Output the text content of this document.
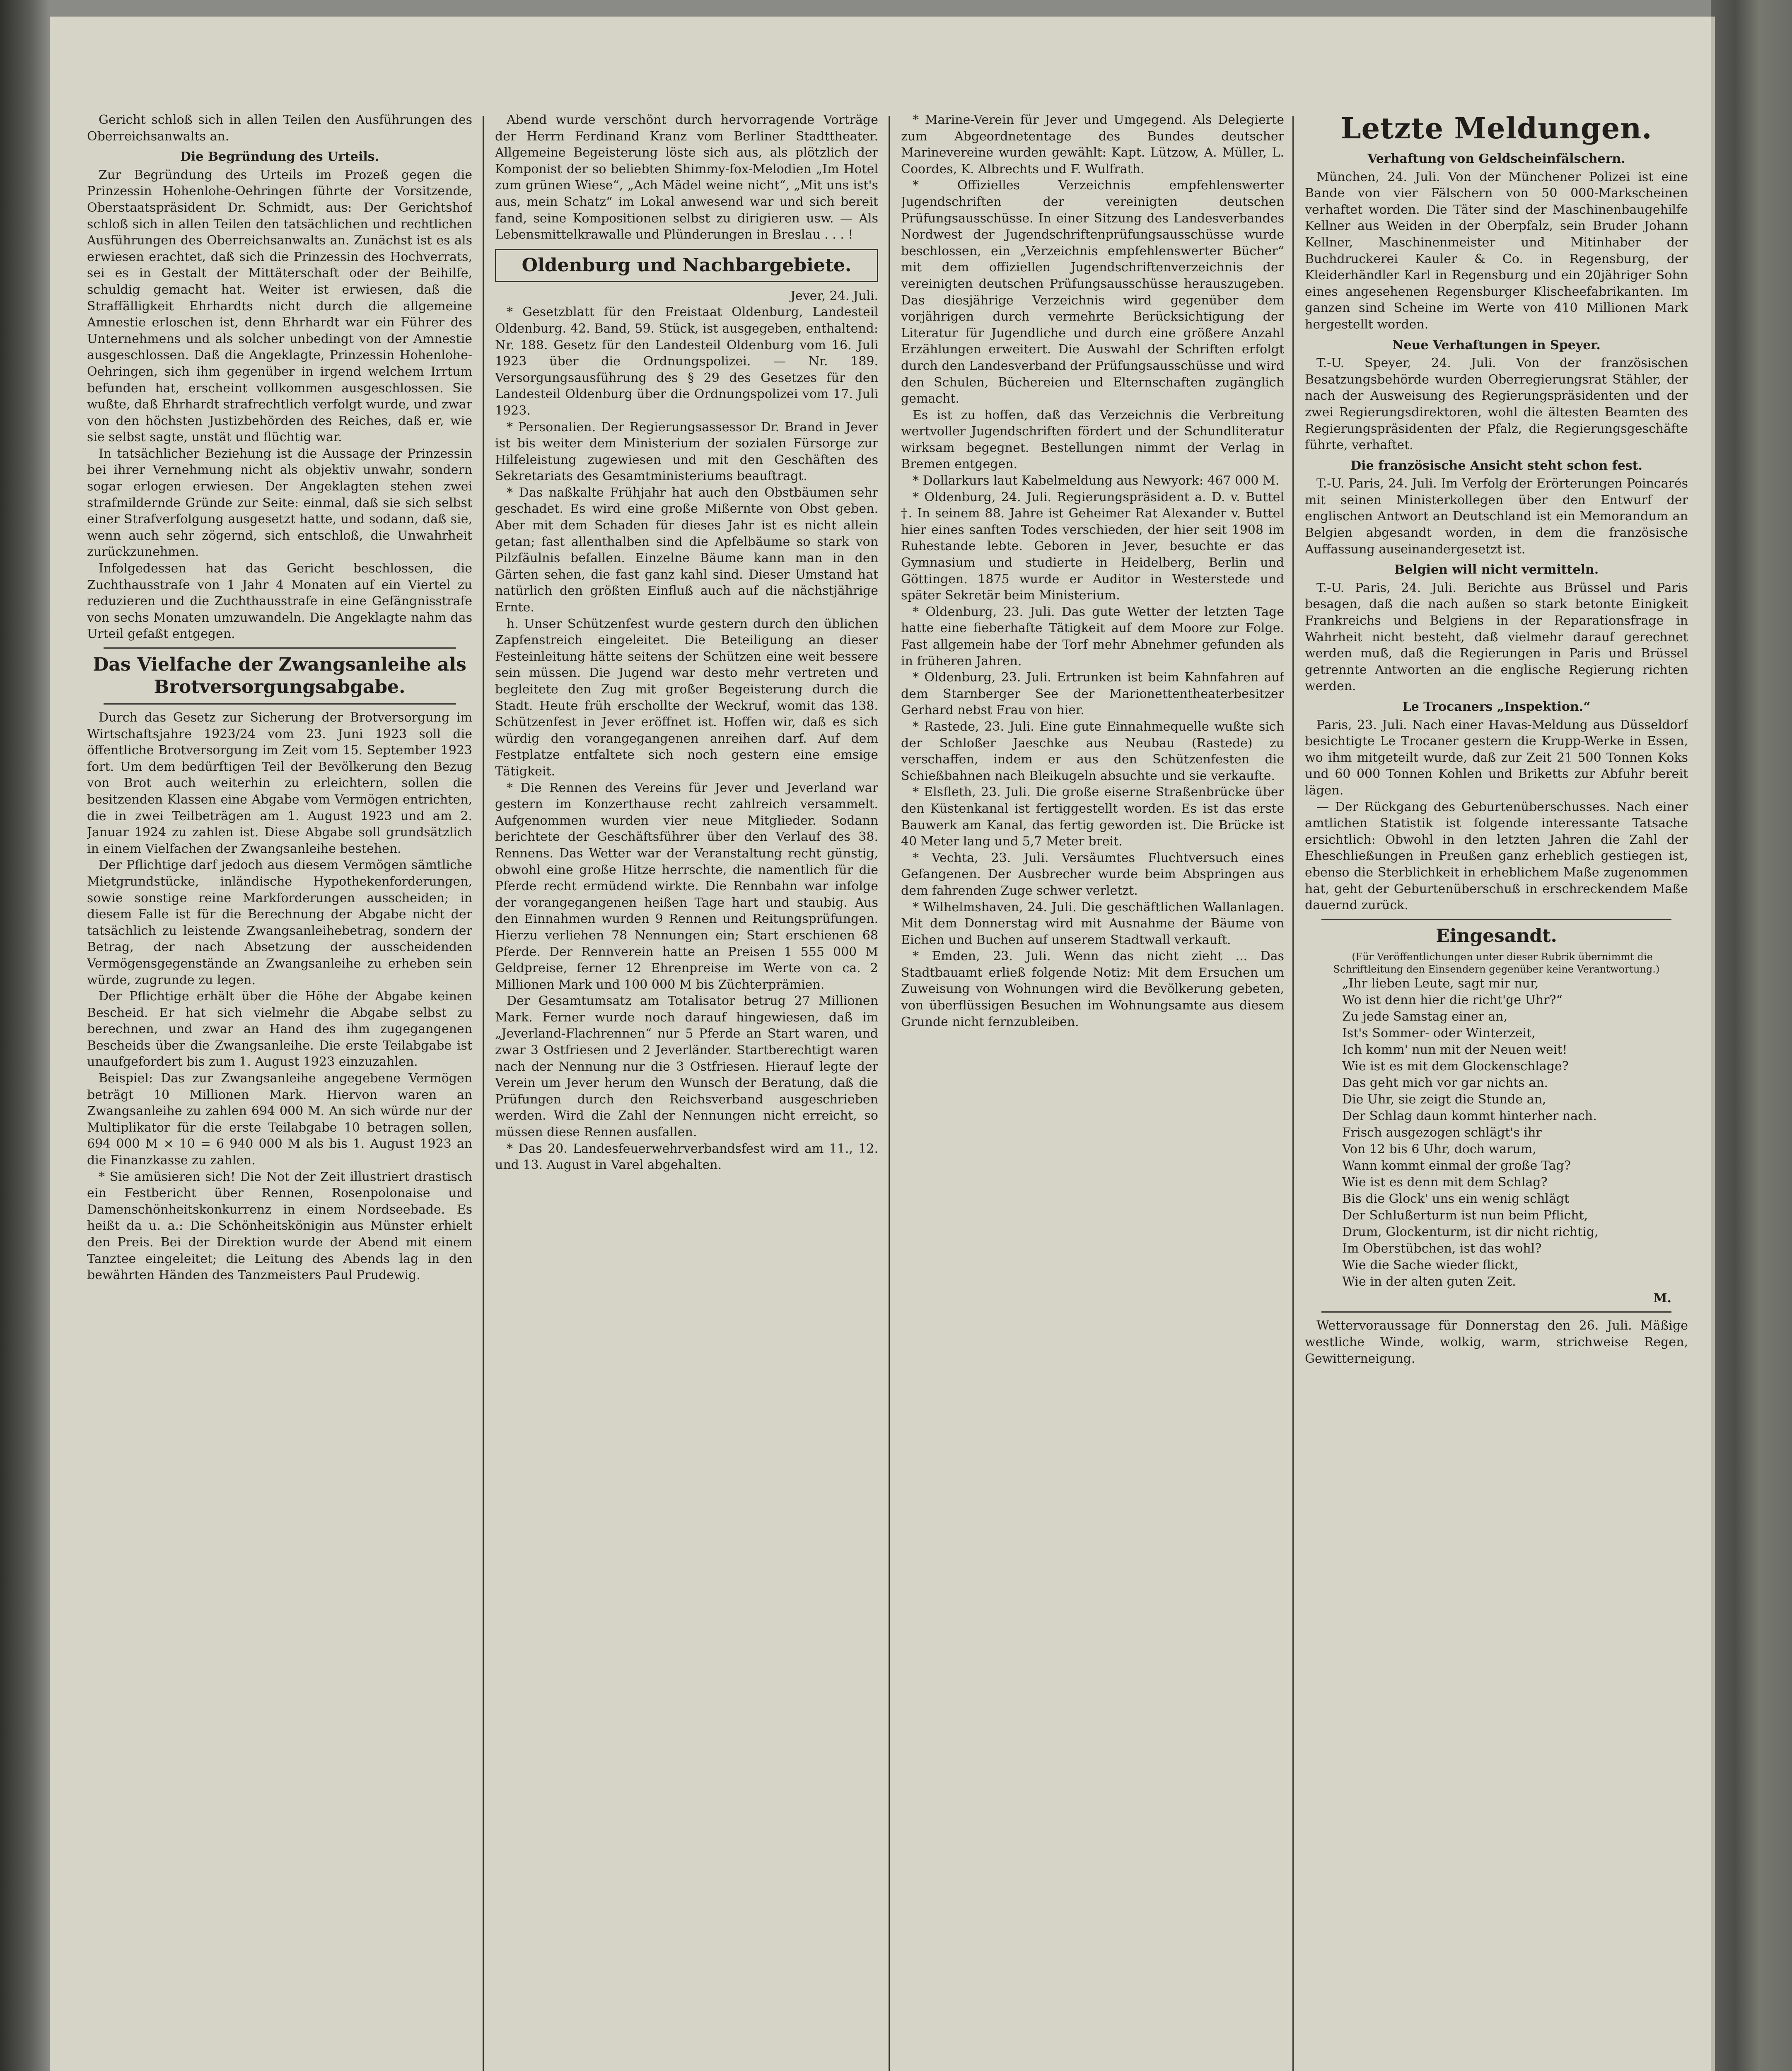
Gericht schloß sich in allen Teilen den Ausführungen des Oberreichsanwalts an.

Die Begründung des Urteils.

Zur Begründung des Urteils im Prozeß gegen die Prinzessin Hohenlohe-Oehringen führte der Vorsitzende, Oberstaatspräsident Dr. Schmidt, aus: Der Gerichtshof schloß sich in allen Teilen den tatsächlichen und rechtlichen Ausführungen des Oberreichsanwalts an. Zunächst ist es als erwiesen erachtet, daß sich die Prinzessin des Hochverrats, sei es in Gestalt der Mittäterschaft oder der Beihilfe, schuldig gemacht hat. Weiter ist erwiesen, daß die Straffälligkeit Ehrhardts nicht durch die allgemeine Amnestie erloschen ist, denn Ehrhardt war ein Führer des Unternehmens und als solcher unbedingt von der Amnestie ausgeschlossen. Daß die Angeklagte, Prinzessin Hohenlohe-Oehringen, sich ihm gegenüber in irgend welchem Irrtum befunden hat, erscheint vollkommen ausgeschlossen. Sie wußte, daß Ehrhardt strafrechtlich verfolgt wurde, und zwar von den höchsten Justizbehörden des Reiches, daß er, wie sie selbst sagte, unstät und flüchtig war.

In tatsächlicher Beziehung ist die Aussage der Prinzessin bei ihrer Vernehmung nicht als objektiv unwahr, sondern sogar erlogen erwiesen. Der Angeklagten stehen zwei strafmildernde Gründe zur Seite: einmal, daß sie sich selbst einer Strafverfolgung ausgesetzt hatte, und sodann, daß sie, wenn auch sehr zögernd, sich entschloß, die Unwahrheit zurückzunehmen.

Infolgedessen hat das Gericht beschlossen, die Zuchthausstrafe von 1 Jahr 4 Monaten auf ein Viertel zu reduzieren und die Zuchthausstrafe in eine Gefängnisstrafe von sechs Monaten umzuwandeln. Die Angeklagte nahm das Urteil gefaßt entgegen.

Das Vielfache der Zwangsanleihe als Brotversorgungsabgabe.

Durch das Gesetz zur Sicherung der Brotversorgung im Wirtschaftsjahre 1923/24 vom 23. Juni 1923 soll die öffentliche Brotversorgung im Zeit vom 15. September 1923 fort. Um dem bedürftigen Teil der Bevölkerung den Bezug von Brot auch weiterhin zu erleichtern, sollen die besitzenden Klassen eine Abgabe vom Vermögen entrichten, die in zwei Teilbeträgen am 1. August 1923 und am 2. Januar 1924 zu zahlen ist. Diese Abgabe soll grundsätzlich in einem Vielfachen der Zwangsanleihe bestehen.

Der Pflichtige darf jedoch aus diesem Vermögen sämtliche Mietgrundstücke, inländische Hypothekenforderungen, sowie sonstige reine Markforderungen ausscheiden; in diesem Falle ist für die Berechnung der Abgabe nicht der tatsächlich zu leistende Zwangsanleihebetrag, sondern der Betrag, der nach Absetzung der ausscheidenden Vermögensgegenstände an Zwangsanleihe zu erheben sein würde, zugrunde zu legen.

Der Pflichtige erhält über die Höhe der Abgabe keinen Bescheid. Er hat sich vielmehr die Abgabe selbst zu berechnen, und zwar an Hand des ihm zugegangenen Bescheids über die Zwangsanleihe. Die erste Teilabgabe ist unaufgefordert bis zum 1. August 1923 einzuzahlen.

Beispiel: Das zur Zwangsanleihe angegebene Vermögen beträgt 10 Millionen Mark. Hiervon waren an Zwangsanleihe zu zahlen 694 000 M. An sich würde nur der Multiplikator für die erste Teilabgabe 10 betragen sollen, 694 000 M × 10 = 6 940 000 M als bis 1. August 1923 an die Finanzkasse zu zahlen.

* Sie amüsieren sich! Die Not der Zeit illustriert drastisch ein Festbericht über Rennen, Rosenpolonaise und Damenschönheitskonkurrenz in einem Nordseebade. Es heißt da u. a.: Die Schönheitskönigin aus Münster erhielt den Preis. Bei der Direktion wurde der Abend mit einem Tanztee eingeleitet; die Leitung des Abends lag in den bewährten Händen des Tanzmeisters Paul Prudewig.

Abend wurde verschönt durch hervorragende Vorträge der Herrn Ferdinand Kranz vom Berliner Stadttheater. Allgemeine Begeisterung löste sich aus, als plötzlich der Komponist der so beliebten Shimmy-fox-Melodien „Im Hotel zum grünen Wiese“, „Ach Mädel weine nicht“, „Mit uns ist's aus, mein Schatz“ im Lokal anwesend war und sich bereit fand, seine Kompositionen selbst zu dirigieren usw. — Als Lebensmittelkrawalle und Plünderungen in Breslau . . . !

Oldenburg und Nachbargebiete.

Jever, 24. Juli.

* Gesetzblatt für den Freistaat Oldenburg, Landesteil Oldenburg. 42. Band, 59. Stück, ist ausgegeben, enthaltend: Nr. 188. Gesetz für den Landesteil Oldenburg vom 16. Juli 1923 über die Ordnungspolizei. — Nr. 189. Versorgungsausführung des § 29 des Gesetzes für den Landesteil Oldenburg über die Ordnungspolizei vom 17. Juli 1923.

* Personalien. Der Regierungsassessor Dr. Brand in Jever ist bis weiter dem Ministerium der sozialen Fürsorge zur Hilfeleistung zugewiesen und mit den Geschäften des Sekretariats des Gesamtministeriums beauftragt.

* Das naßkalte Frühjahr hat auch den Obstbäumen sehr geschadet. Es wird eine große Mißernte von Obst geben. Aber mit dem Schaden für dieses Jahr ist es nicht allein getan; fast allenthalben sind die Apfelbäume so stark von Pilzfäulnis befallen. Einzelne Bäume kann man in den Gärten sehen, die fast ganz kahl sind. Dieser Umstand hat natürlich den größten Einfluß auch auf die nächstjährige Ernte.

h. Unser Schützenfest wurde gestern durch den üblichen Zapfenstreich eingeleitet. Die Beteiligung an dieser Festeinleitung hätte seitens der Schützen eine weit bessere sein müssen. Die Jugend war desto mehr vertreten und begleitete den Zug mit großer Begeisterung durch die Stadt. Heute früh erschollte der Weckruf, womit das 138. Schützenfest in Jever eröffnet ist. Hoffen wir, daß es sich würdig den vorangegangenen anreihen darf. Auf dem Festplatze entfaltete sich noch gestern eine emsige Tätigkeit.

* Die Rennen des Vereins für Jever und Jeverland war gestern im Konzerthause recht zahlreich versammelt. Aufgenommen wurden vier neue Mitglieder. Sodann berichtete der Geschäftsführer über den Verlauf des 38. Rennens. Das Wetter war der Veranstaltung recht günstig, obwohl eine große Hitze herrschte, die namentlich für die Pferde recht ermüdend wirkte. Die Rennbahn war infolge der vorangegangenen heißen Tage hart und staubig. Aus den Einnahmen wurden 9 Rennen und Reitungsprüfungen. Hierzu verliehen 78 Nennungen ein; Start erschienen 68 Pferde. Der Rennverein hatte an Preisen 1 555 000 M Geldpreise, ferner 12 Ehrenpreise im Werte von ca. 2 Millionen Mark und 100 000 M bis Züchterprämien.

Der Gesamtumsatz am Totalisator betrug 27 Millionen Mark. Ferner wurde noch darauf hingewiesen, daß im „Jeverland-Flachrennen“ nur 5 Pferde an Start waren, und zwar 3 Ostfriesen und 2 Jeverländer. Startberechtigt waren nach der Nennung nur die 3 Ostfriesen. Hierauf legte der Verein um Jever herum den Wunsch der Beratung, daß die Prüfungen durch den Reichsverband ausgeschrieben werden. Wird die Zahl der Nennungen nicht erreicht, so müssen diese Rennen ausfallen.

* Das 20. Landesfeuerwehrverbandsfest wird am 11., 12. und 13. August in Varel abgehalten.

* Marine-Verein für Jever und Umgegend. Als Delegierte zum Abgeordnetentage des Bundes deutscher Marinevereine wurden gewählt: Kapt. Lützow, A. Müller, L. Coordes, K. Albrechts und F. Wulfrath.

* Offizielles Verzeichnis empfehlenswerter Jugendschriften der vereinigten deutschen Prüfungsausschüsse. In einer Sitzung des Landesverbandes Nordwest der Jugendschriftenprüfungsausschüsse wurde beschlossen, ein „Verzeichnis empfehlenswerter Bücher“ mit dem offiziellen Jugendschriftenverzeichnis der vereinigten deutschen Prüfungsausschüsse herauszugeben. Das diesjährige Verzeichnis wird gegenüber dem vorjährigen durch vermehrte Berücksichtigung der Literatur für Jugendliche und durch eine größere Anzahl Erzählungen erweitert. Die Auswahl der Schriften erfolgt durch den Landesverband der Prüfungsausschüsse und wird den Schulen, Büchereien und Elternschaften zugänglich gemacht.

Es ist zu hoffen, daß das Verzeichnis die Verbreitung wertvoller Jugendschriften fördert und der Schundliteratur wirksam begegnet. Bestellungen nimmt der Verlag in Bremen entgegen.

* Dollarkurs laut Kabelmeldung aus Newyork: 467 000 M.

* Oldenburg, 24. Juli. Regierungspräsident a. D. v. Buttel †. In seinem 88. Jahre ist Geheimer Rat Alexander v. Buttel hier eines sanften Todes verschieden, der hier seit 1908 im Ruhestande lebte. Geboren in Jever, besuchte er das Gymnasium und studierte in Heidelberg, Berlin und Göttingen. 1875 wurde er Auditor in Westerstede und später Sekretär beim Ministerium.

* Oldenburg, 23. Juli. Das gute Wetter der letzten Tage hatte eine fieberhafte Tätigkeit auf dem Moore zur Folge. Fast allgemein habe der Torf mehr Abnehmer gefunden als in früheren Jahren.

* Oldenburg, 23. Juli. Ertrunken ist beim Kahnfahren auf dem Starnberger See der Marionettentheaterbesitzer Gerhard nebst Frau von hier.

* Rastede, 23. Juli. Eine gute Einnahmequelle wußte sich der Schloßer Jaeschke aus Neubau (Rastede) zu verschaffen, indem er aus den Schützenfesten die Schießbahnen nach Bleikugeln absuchte und sie verkaufte.

* Elsfleth, 23. Juli. Die große eiserne Straßenbrücke über den Küstenkanal ist fertiggestellt worden. Es ist das erste Bauwerk am Kanal, das fertig geworden ist. Die Brücke ist 40 Meter lang und 5,7 Meter breit.

* Vechta, 23. Juli. Versäumtes Fluchtversuch eines Gefangenen. Der Ausbrecher wurde beim Abspringen aus dem fahrenden Zuge schwer verletzt.

* Wilhelmshaven, 24. Juli. Die geschäftlichen Wallanlagen. Mit dem Donnerstag wird mit Ausnahme der Bäume von Eichen und Buchen auf unserem Stadtwall verkauft.

* Emden, 23. Juli. Wenn das nicht zieht ... Das Stadtbauamt erließ folgende Notiz: Mit dem Ersuchen um Zuweisung von Wohnungen wird die Bevölkerung gebeten, von überflüssigen Besuchen im Wohnungsamte aus diesem Grunde nicht fernzubleiben.

Letzte Meldungen.
Verhaftung von Geldscheinfälschern.

München, 24. Juli. Von der Münchener Polizei ist eine Bande von vier Fälschern von 50 000-Markscheinen verhaftet worden. Die Täter sind der Maschinenbaugehilfe Kellner aus Weiden in der Oberpfalz, sein Bruder Johann Kellner, Maschinenmeister und Mitinhaber der Buchdruckerei Kauler & Co. in Regensburg, der Kleiderhändler Karl in Regensburg und ein 20jähriger Sohn eines angesehenen Regensburger Klischeefabrikanten. Im ganzen sind Scheine im Werte von 410 Millionen Mark hergestellt worden.

Neue Verhaftungen in Speyer.

T.-U. Speyer, 24. Juli. Von der französischen Besatzungsbehörde wurden Oberregierungsrat Stähler, der nach der Ausweisung des Regierungspräsidenten und der zwei Regierungsdirektoren, wohl die ältesten Beamten des Regierungspräsidenten der Pfalz, die Regierungsgeschäfte führte, verhaftet.

Die französische Ansicht steht schon fest.

T.-U. Paris, 24. Juli. Im Verfolg der Erörterungen Poincarés mit seinen Ministerkollegen über den Entwurf der englischen Antwort an Deutschland ist ein Memorandum an Belgien abgesandt worden, in dem die französische Auffassung auseinandergesetzt ist.

Belgien will nicht vermitteln.

T.-U. Paris, 24. Juli. Berichte aus Brüssel und Paris besagen, daß die nach außen so stark betonte Einigkeit Frankreichs und Belgiens in der Reparationsfrage in Wahrheit nicht besteht, daß vielmehr darauf gerechnet werden muß, daß die Regierungen in Paris und Brüssel getrennte Antworten an die englische Regierung richten werden.

Le Trocaners „Inspektion.“

Paris, 23. Juli. Nach einer Havas-Meldung aus Düsseldorf besichtigte Le Trocaner gestern die Krupp-Werke in Essen, wo ihm mitgeteilt wurde, daß zur Zeit 21 500 Tonnen Koks und 60 000 Tonnen Kohlen und Briketts zur Abfuhr bereit lägen.

— Der Rückgang des Geburtenüberschusses. Nach einer amtlichen Statistik ist folgende interessante Tatsache ersichtlich: Obwohl in den letzten Jahren die Zahl der Eheschließungen in Preußen ganz erheblich gestiegen ist, ebenso die Sterblichkeit in erheblichem Maße zugenommen hat, geht der Geburtenüberschuß in erschreckendem Maße dauernd zurück.

Eingesandt.

(Für Veröffentlichungen unter dieser Rubrik übernimmt die Schriftleitung den Einsendern gegenüber keine Verantwortung.)

„Ihr lieben Leute, sagt mir nur,
Wo ist denn hier die richt'ge Uhr?“
Zu jede Samstag einer an,
Ist's Sommer- oder Winterzeit,
Ich komm' nun mit der Neuen weit!
Wie ist es mit dem Glockenschlage?
Das geht mich vor gar nichts an.
Die Uhr, sie zeigt die Stunde an,
Der Schlag daun kommt hinterher nach.
Frisch ausgezogen schlägt's ihr
Von 12 bis 6 Uhr, doch warum,
Wann kommt einmal der große Tag?
Wie ist es denn mit dem Schlag?
Bis die Glock' uns ein wenig schlägt
Der Schlußerturm ist nun beim Pflicht,
Drum, Glockenturm, ist dir nicht richtig,
Im Oberstübchen, ist das wohl?
Wie die Sache wieder flickt,
Wie in der alten guten Zeit.

M.

Wettervoraussage für Donnerstag den 26. Juli. Mäßige westliche Winde, wolkig, warm, strichweise Regen, Gewitterneigung.
